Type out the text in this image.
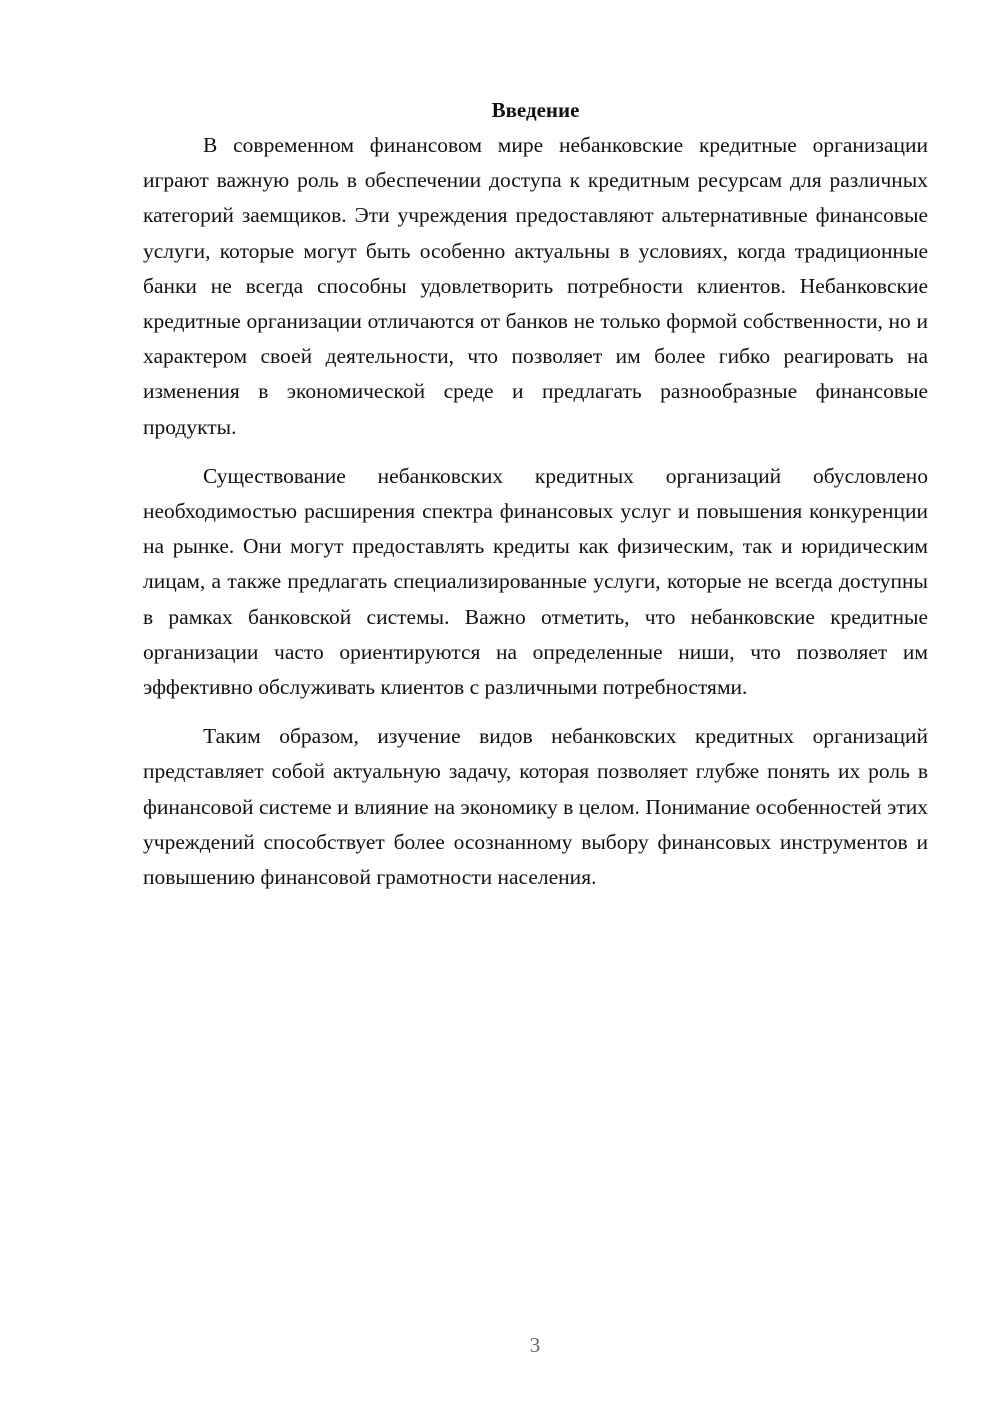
Введение

В современном финансовом мире небанковские кредитные организации играют важную роль в обеспечении доступа к кредитным ресурсам для различных категорий заемщиков. Эти учреждения предоставляют альтернативные финансовые услуги, которые могут быть особенно актуальны в условиях, когда традиционные банки не всегда способны удовлетворить потребности клиентов. Небанковские кредитные организации отличаются от банков не только формой собственности, но и характером своей деятельности, что позволяет им более гибко реагировать на изменения в экономической среде и предлагать разнообразные финансовые продукты.

Существование небанковских кредитных организаций обусловлено необходимостью расширения спектра финансовых услуг и повышения конкуренции на рынке. Они могут предоставлять кредиты как физическим, так и юридическим лицам, а также предлагать специализированные услуги, которые не всегда доступны в рамках банковской системы. Важно отметить, что небанковские кредитные организации часто ориентируются на определенные ниши, что позволяет им эффективно обслуживать клиентов с различными потребностями.

Таким образом, изучение видов небанковских кредитных организаций представляет собой актуальную задачу, которая позволяет глубже понять их роль в финансовой системе и влияние на экономику в целом. Понимание особенностей этих учреждений способствует более осознанному выбору финансовых инструментов и повышению финансовой грамотности населения.

3
